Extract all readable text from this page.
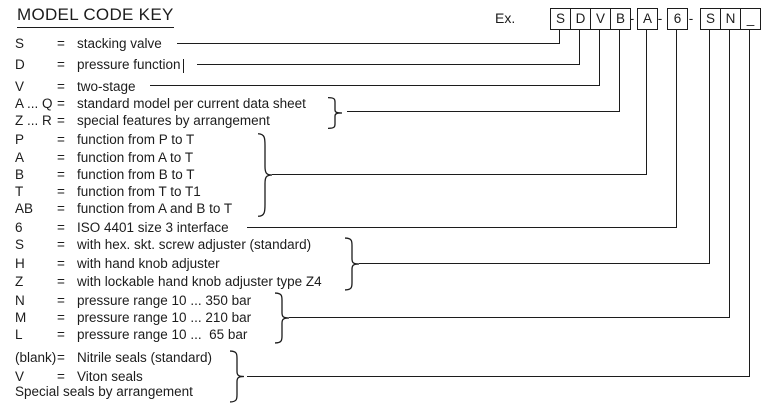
MODEL CODE KEY	Ex.
S = stacking valve
D = pressure function
V = two-stage
A ... Q = standard model per current data sheet
Z ... R = special features by arrangement
P = function from P to T
A = function from A to T
B = function from B to T
T	= function from T to T1
AB = function from A and B to T
6	= ISO 4401 size 3 interface
S = with hex. skt. screw adjuster (standard)
H = with hand knob adjuster
Z	= with lockable hand knob adjuster type Z4
N = pressure range 10 ... 350 bar
M = pressure range 10 ... 210 bar
L	= pressure range 10 ...  65 bar
(blank) = Nitrile seals (standard)
V = Viton seals
Special seals by arrangement
S D V B	A	6	S N _
- - -
